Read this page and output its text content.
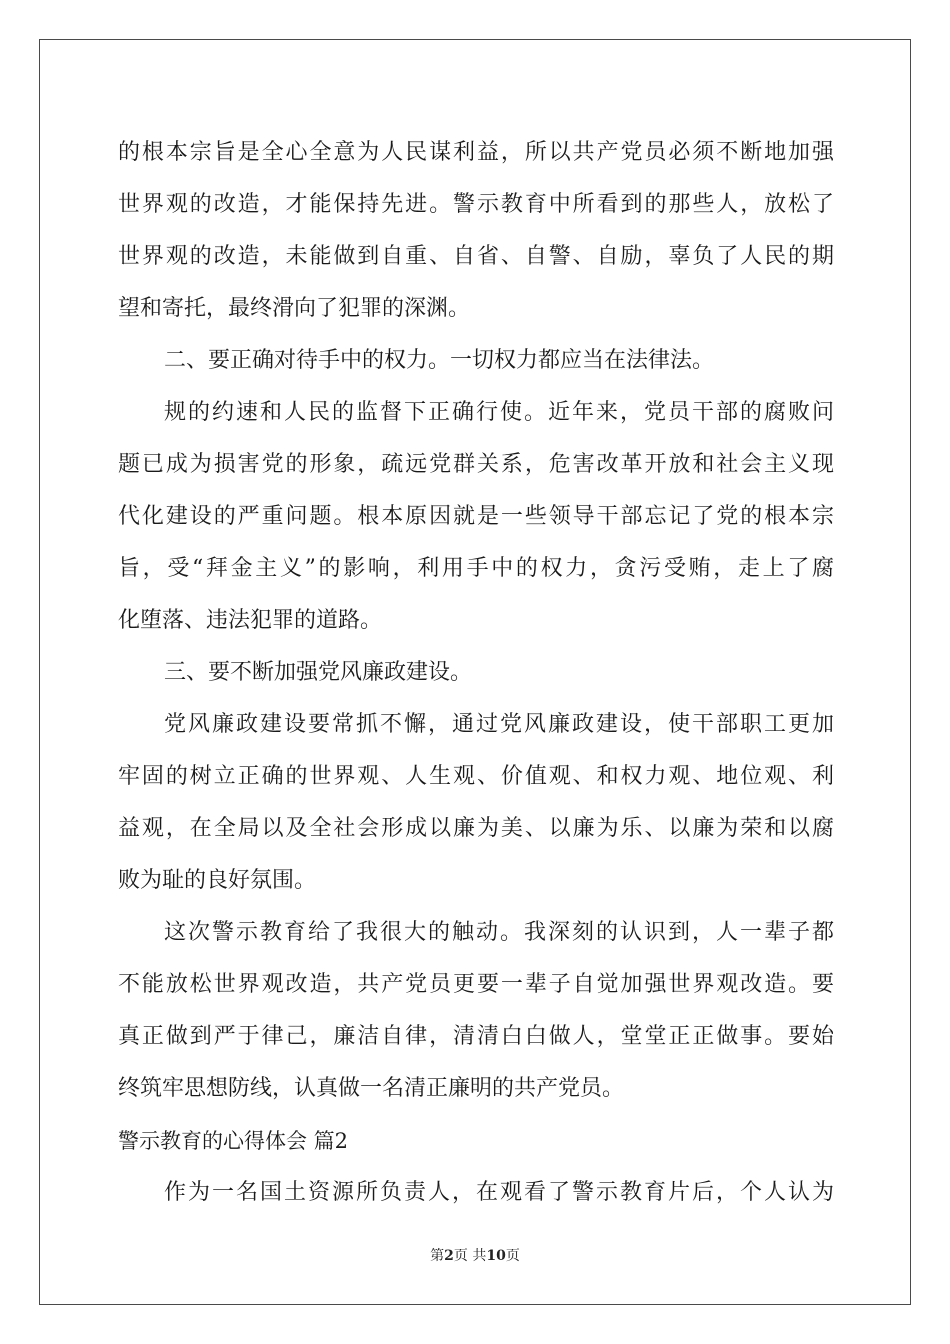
的根本宗旨是全心全意为人民谋利益，所以共产党员必须不断地加强
世界观的改造，才能保持先进。警示教育中所看到的那些人，放松了
世界观的改造，未能做到自重、自省、自警、自励，辜负了人民的期
望和寄托，最终滑向了犯罪的深渊。
二、要正确对待手中的权力。一切权力都应当在法律法。
规的约速和人民的监督下正确行使。近年来，党员干部的腐败问
题已成为损害党的形象，疏远党群关系，危害改革开放和社会主义现
代化建设的严重问题。根本原因就是一些领导干部忘记了党的根本宗
旨，受“拜金主义”的影响，利用手中的权力，贪污受贿，走上了腐
化堕落、违法犯罪的道路。
三、要不断加强党风廉政建设。
党风廉政建设要常抓不懈，通过党风廉政建设，使干部职工更加
牢固的树立正确的世界观、人生观、价值观、和权力观、地位观、利
益观，在全局以及全社会形成以廉为美、以廉为乐、以廉为荣和以腐
败为耻的良好氛围。
这次警示教育给了我很大的触动。我深刻的认识到，人一辈子都
不能放松世界观改造，共产党员更要一辈子自觉加强世界观改造。要
真正做到严于律己，廉洁自律，清清白白做人，堂堂正正做事。要始
终筑牢思想防线，认真做一名清正廉明的共产党员。
警示教育的心得体会 篇2
作为一名国土资源所负责人，在观看了警示教育片后，个人认为
第2页 共10页
